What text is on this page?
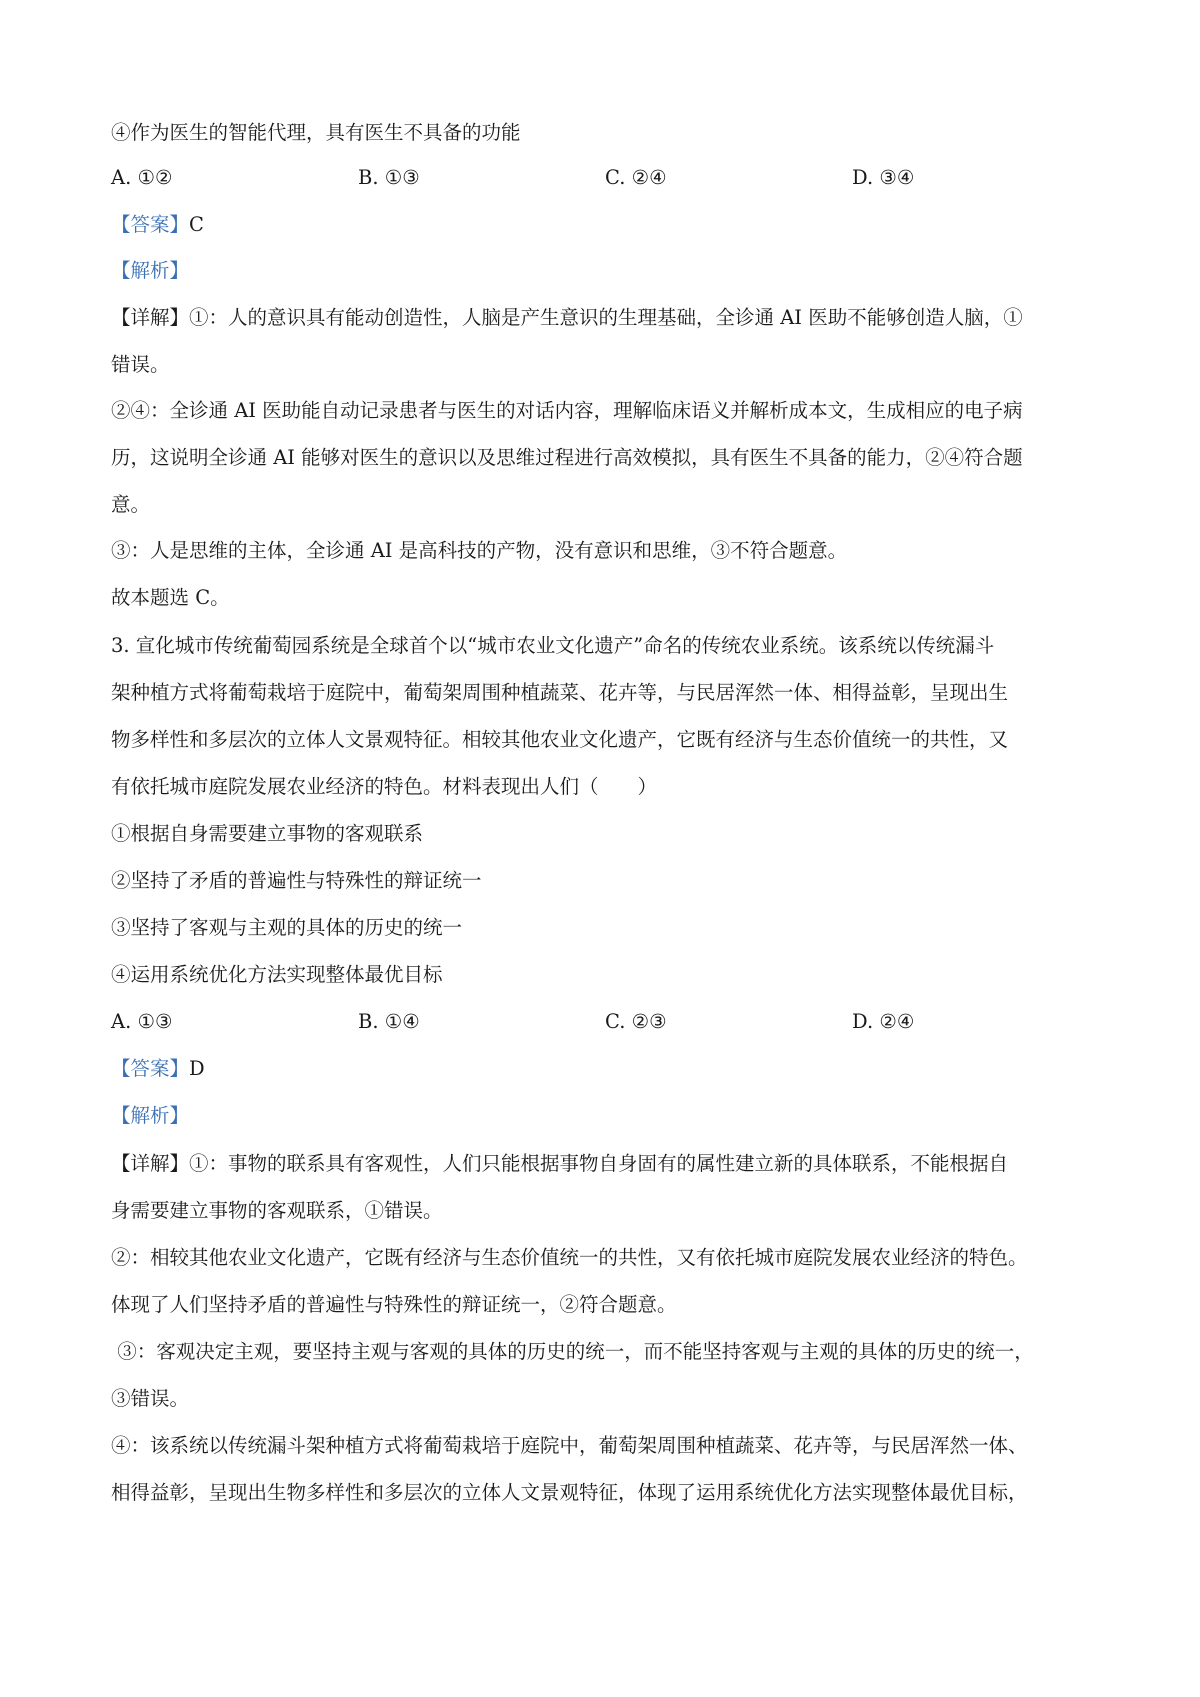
④作为医生的智能代理，具有医生不具备的功能
A. ①②	B. ①③	C. ②④	D. ③④
【答案】C
【解析】
【详解】①：人的意识具有能动创造性，人脑是产生意识的生理基础，全诊通 AI 医助不能够创造人脑，①
错误。
②④：全诊通 AI 医助能自动记录患者与医生的对话内容，理解临床语义并解析成本文，生成相应的电子病
历，这说明全诊通 AI 能够对医生的意识以及思维过程进行高效模拟，具有医生不具备的能力，②④符合题
意。
③：人是思维的主体，全诊通 AI 是高科技的产物，没有意识和思维，③不符合题意。
故本题选 C。
3. 宣化城市传统葡萄园系统是全球首个以“城市农业文化遗产”命名的传统农业系统。该系统以传统漏斗
架种植方式将葡萄栽培于庭院中，葡萄架周围种植蔬菜、花卉等，与民居浑然一体、相得益彰，呈现出生
物多样性和多层次的立体人文景观特征。相较其他农业文化遗产，它既有经济与生态价值统一的共性，又
有依托城市庭院发展农业经济的特色。材料表现出人们（　　）
①根据自身需要建立事物的客观联系
②坚持了矛盾的普遍性与特殊性的辩证统一
③坚持了客观与主观的具体的历史的统一
④运用系统优化方法实现整体最优目标
A. ①③	B. ①④	C. ②③	D. ②④
【答案】D
【解析】
【详解】①：事物的联系具有客观性，人们只能根据事物自身固有的属性建立新的具体联系，不能根据自
身需要建立事物的客观联系，①错误。
②：相较其他农业文化遗产，它既有经济与生态价值统一的共性，又有依托城市庭院发展农业经济的特色。
体现了人们坚持矛盾的普遍性与特殊性的辩证统一，②符合题意。
③：客观决定主观，要坚持主观与客观的具体的历史的统一，而不能坚持客观与主观的具体的历史的统一，
③错误。
④：该系统以传统漏斗架种植方式将葡萄栽培于庭院中，葡萄架周围种植蔬菜、花卉等，与民居浑然一体、
相得益彰，呈现出生物多样性和多层次的立体人文景观特征，体现了运用系统优化方法实现整体最优目标，
